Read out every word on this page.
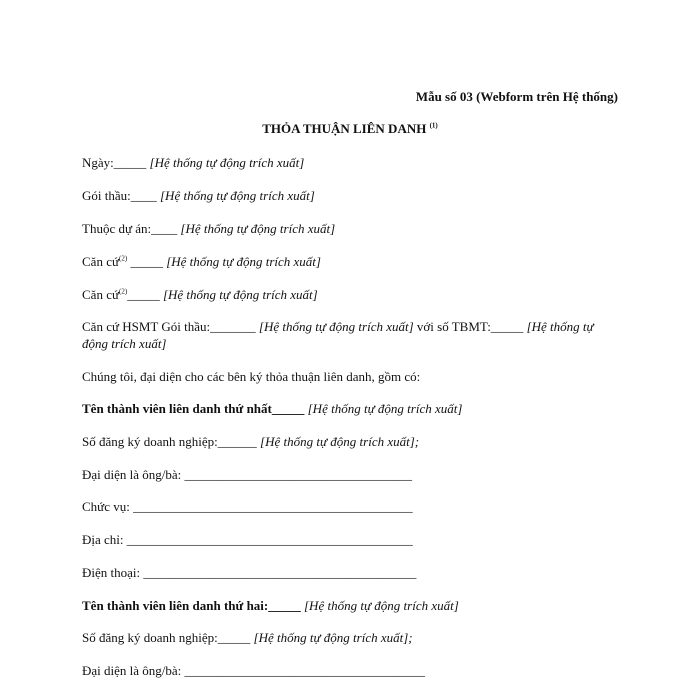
Mẫu số 03 (Webform trên Hệ thống)
THỎA THUẬN LIÊN DANH $^{(1)}$
Ngày:_____ [Hệ thống tự động trích xuất]
Gói thầu:____ [Hệ thống tự động trích xuất]
Thuộc dự án:____ [Hệ thống tự động trích xuất]
Căn cứ$^{(2)}$ _____ [Hệ thống tự động trích xuất]
Căn cứ$^{(2)}$_____ [Hệ thống tự động trích xuất]
Căn cứ HSMT Gói thầu:_______ [Hệ thống tự động trích xuất] với số TBMT:_____ [Hệ thống tự động trích xuất]
Chúng tôi, đại diện cho các bên ký thỏa thuận liên danh, gồm có:
Tên thành viên liên danh thứ nhất_____ [Hệ thống tự động trích xuất]
Số đăng ký doanh nghiệp:______ [Hệ thống tự động trích xuất];
Đại diện là ông/bà: ___________________________________
Chức vụ: ___________________________________________
Địa chỉ: ____________________________________________
Điện thoại: __________________________________________
Tên thành viên liên danh thứ hai:_____ [Hệ thống tự động trích xuất]
Số đăng ký doanh nghiệp:_____ [Hệ thống tự động trích xuất];
Đại diện là ông/bà: _____________________________________
